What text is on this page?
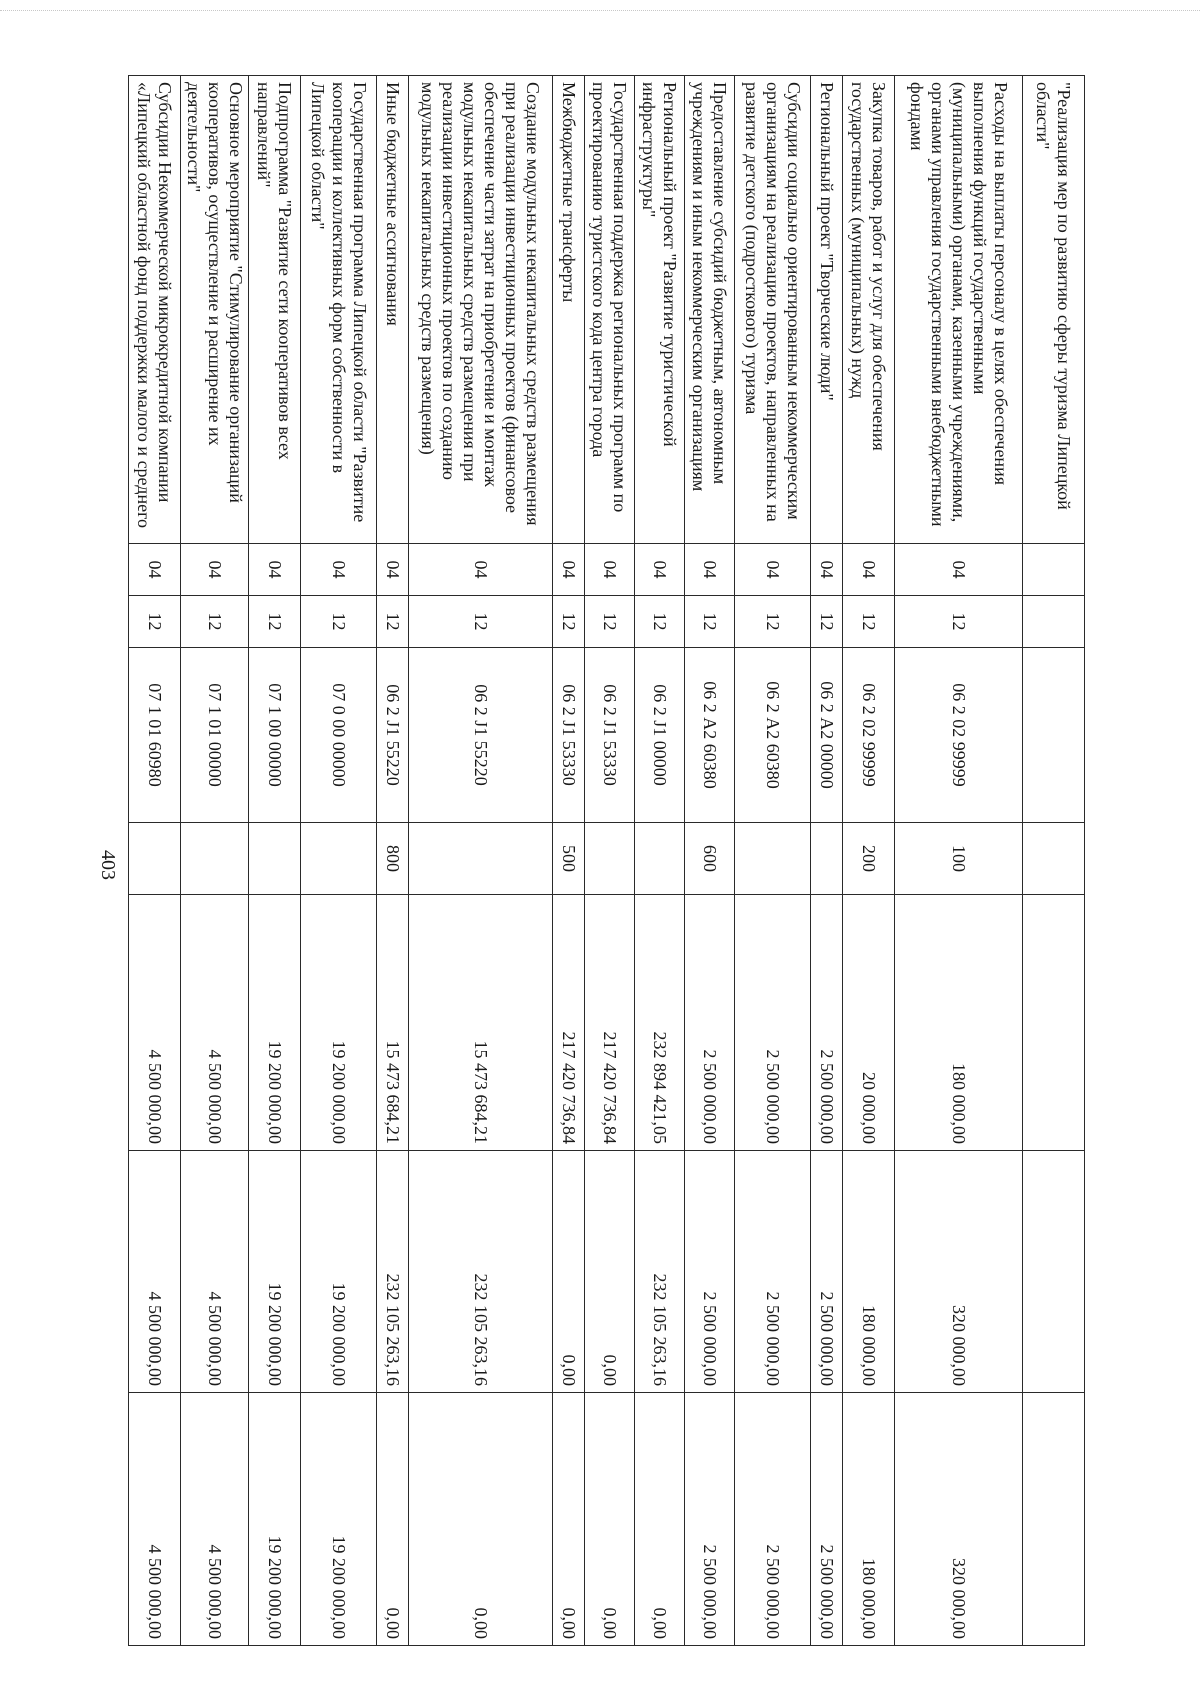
403
"Реализация мер по развитию сферы туризма Липецкой области"							
Расходы на выплаты персоналу в целях обеспечения выполнения функций государственными (муниципальными) органами, казенными учреждениями, органами управления государственными внебюджетными фондами	04	12	06 2 02 99999	100	180 000,00	320 000,00	320 000,00
Закупка товаров, работ и услуг для обеспечения государственных (муниципальных) нужд	04	12	06 2 02 99999	200	20 000,00	180 000,00	180 000,00
Региональный проект "Творческие люди"	04	12	06 2 А2 00000		2 500 000,00	2 500 000,00	2 500 000,00
Субсидии социально ориентированным некоммерческим организациям на реализацию проектов, направленных на развитие детского (подросткового) туризма	04	12	06 2 А2 60380		2 500 000,00	2 500 000,00	2 500 000,00
Предоставление субсидий бюджетным, автономным учреждениям и иным некоммерческим организациям	04	12	06 2 А2 60380	600	2 500 000,00	2 500 000,00	2 500 000,00
Региональный проект "Развитие туристической инфраструктуры"	04	12	06 2 J1 00000		232 894 421,05	232 105 263,16	0,00
Государственная поддержка региональных программ по проектированию туристского кода центра города	04	12	06 2 J1 53330		217 420 736,84	0,00	0,00
Межбюджетные трансферты	04	12	06 2 J1 53330	500	217 420 736,84	0,00	0,00
Создание модульных некапитальных средств размещения при реализации инвестиционных проектов (финансовое обеспечение части затрат на приобретение и монтаж модульных некапитальных средств размещения при реализации инвестиционных проектов по созданию модульных некапитальных средств размещения)	04	12	06 2 J1 55220		15 473 684,21	232 105 263,16	0,00
Иные бюджетные ассигнования	04	12	06 2 J1 55220	800	15 473 684,21	232 105 263,16	0,00
Государственная программа Липецкой области "Развитие кооперации и коллективных форм собственности в Липецкой области"	04	12	07 0 00 00000		19 200 000,00	19 200 000,00	19 200 000,00
Подпрограмма "Развитие сети кооперативов всех направлений"	04	12	07 1 00 00000		19 200 000,00	19 200 000,00	19 200 000,00
Основное мероприятие "Стимулирование организаций кооперативов, осуществление и расширение их деятельности"	04	12	07 1 01 00000		4 500 000,00	4 500 000,00	4 500 000,00
Субсидии Некоммерческой микрокредитной компании «Липецкий областной фонд поддержки малого и среднего	04	12	07 1 01 60980		4 500 000,00	4 500 000,00	4 500 000,00
